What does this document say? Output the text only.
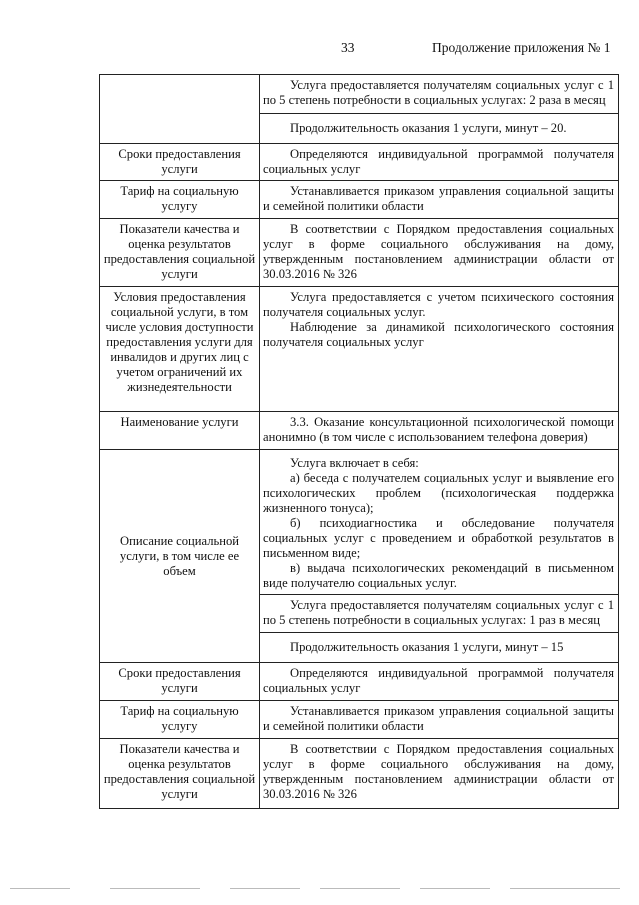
33	Продолжение приложения № 1

	Услуга предоставляется получателям социальных услуг с 1 по 5 степень потребности в социальных услугах: 2 раза в месяц

	Продолжительность оказания 1 услуги, минут – 20.

Сроки предоставления услуги	Определяются индивидуальной программой получателя социальных услуг

Тариф на социальную услугу	Устанавливается приказом управления социальной защиты и семейной политики области

Показатели качества и оценка результатов предоставления социальной услуги	В соответствии с Порядком предоставления социальных услуг в форме социального обслуживания на дому, утвержденным постановлением администрации области от 30.03.2016 № 326

Условия предоставления социальной услуги, в том числе условия доступности предоставления услуги для инвалидов и других лиц с учетом ограничений их жизнедеятельности	Услуга предоставляется с учетом психического состояния получателя социальных услуг.

Наблюдение за динамикой психологического состояния получателя социальных услуг

Наименование услуги	3.3. Оказание консультационной психологической помощи анонимно (в том числе с использованием телефона доверия)

Описание социальной услуги, в том числе ее объем	Услуга включает в себя:

а) беседа с получателем социальных услуг и выявление его психологических проблем (психологическая поддержка жизненного тонуса);

б) психодиагностика и обследование получателя социальных услуг с проведением и обработкой результатов в письменном виде;

в) выдача психологических рекомендаций в письменном виде получателю социальных услуг.

	Услуга предоставляется получателям социальных услуг с 1 по 5 степень потребности в социальных услугах: 1 раз в месяц

	Продолжительность оказания 1 услуги, минут – 15

Сроки предоставления услуги	Определяются индивидуальной программой получателя социальных услуг

Тариф на социальную услугу	Устанавливается приказом управления социальной защиты и семейной политики области

Показатели качества и оценка результатов предоставления социальной услуги	В соответствии с Порядком предоставления социальных услуг в форме социального обслуживания на дому, утвержденным постановлением администрации области от 30.03.2016 № 326
